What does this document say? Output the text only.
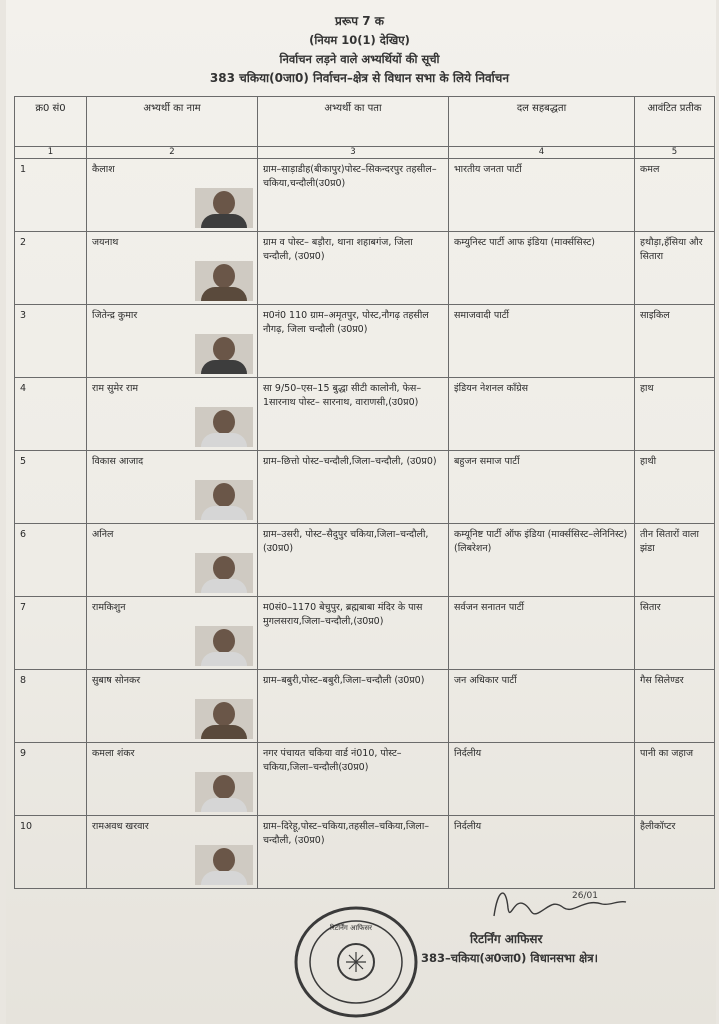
प्ररूप 7 क
(नियम 10(1) देखिए)
निर्वाचन लड़ने वाले अभ्यर्थियों की सूची
383 चकिया(0जा0) निर्वाचन–क्षेत्र से विधान सभा के लिये निर्वाचन
क्र0 सं0	अभ्यर्थी का नाम	अभ्यर्थी का पता	दल सहबद्धता	आवंटित प्रतीक
1	2	3	4	5
1	कैलाश	ग्राम–साड़ाडीह(बीकापुर)पोस्ट–सिकन्दरपुर तहसील–चकिया,चन्दौली(उ0प्र0)	भारतीय जनता पार्टी	कमल
2	जयनाथ	ग्राम व पोस्ट– बड़ौरा, थाना शहाबगंज, जिला चन्दौली, (उ0प्र0)	कम्युनिस्ट पार्टी आफ इंडिया (मार्क्ससिस्ट)	हथौड़ा,हँसिया और सितारा
3	जितेन्द्र कुमार	म0नं0 110 ग्राम–अमृतपुर, पोस्ट,नौगढ़ तहसील नौगढ़, जिला चन्दौली (उ0प्र0)	समाजवादी पार्टी	साइकिल
4	राम सुमेर राम	सा 9/50–एस–15 बुद्धा सीटी कालोनी, फेस–1सारनाथ पोस्ट– सारनाथ, वाराणसी,(उ0प्र0)	इंडियन नेशनल काँग्रेस	हाथ
5	विकास आजाद	ग्राम–छित्तो पोस्ट–चन्दौली,जिला–चन्दौली, (उ0प्र0)	बहुजन समाज पार्टी	हाथी
6	अनिल	ग्राम–उसरी, पोस्ट–सैदुपुर चकिया,जिला–चन्दौली,(उ0प्र0)	कम्यूनिष्ट पार्टी ऑफ इंडिया (मार्क्ससिस्ट–लेनिनिस्ट)(लिबरेशन)	तीन सितारों वाला झंडा
7	रामकिशुन	म0सं0–1170 बेचुपुर, ब्रह्मबाबा मंदिर के पास मुगलसराय,जिला–चन्दौली,(उ0प्र0)	सर्वजन सनातन पार्टी	सितार
8	सुबाष सोनकर	ग्राम–बबुरी,पोस्ट–बबुरी,जिला–चन्दौली (उ0प्र0)	जन अधिकार पार्टी	गैस सिलेण्डर
9	कमला शंकर	नगर पंचायत चकिया वार्ड नं010, पोस्ट–चकिया,जिला–चन्दौली(उ0प्र0)	निर्दलीय	पानी का जहाज
10	रामअवध खरवार	ग्राम–दिरेहू,पोस्ट–चकिया,तहसील–चकिया,जिला–चन्दौली, (उ0प्र0)	निर्दलीय	हैलीकॉप्टर
26/01
रिटर्निंग आफिसर
383–चकिया(अ0जा0) विधानसभा क्षेत्र।
रिटर्निंग आफिसर
